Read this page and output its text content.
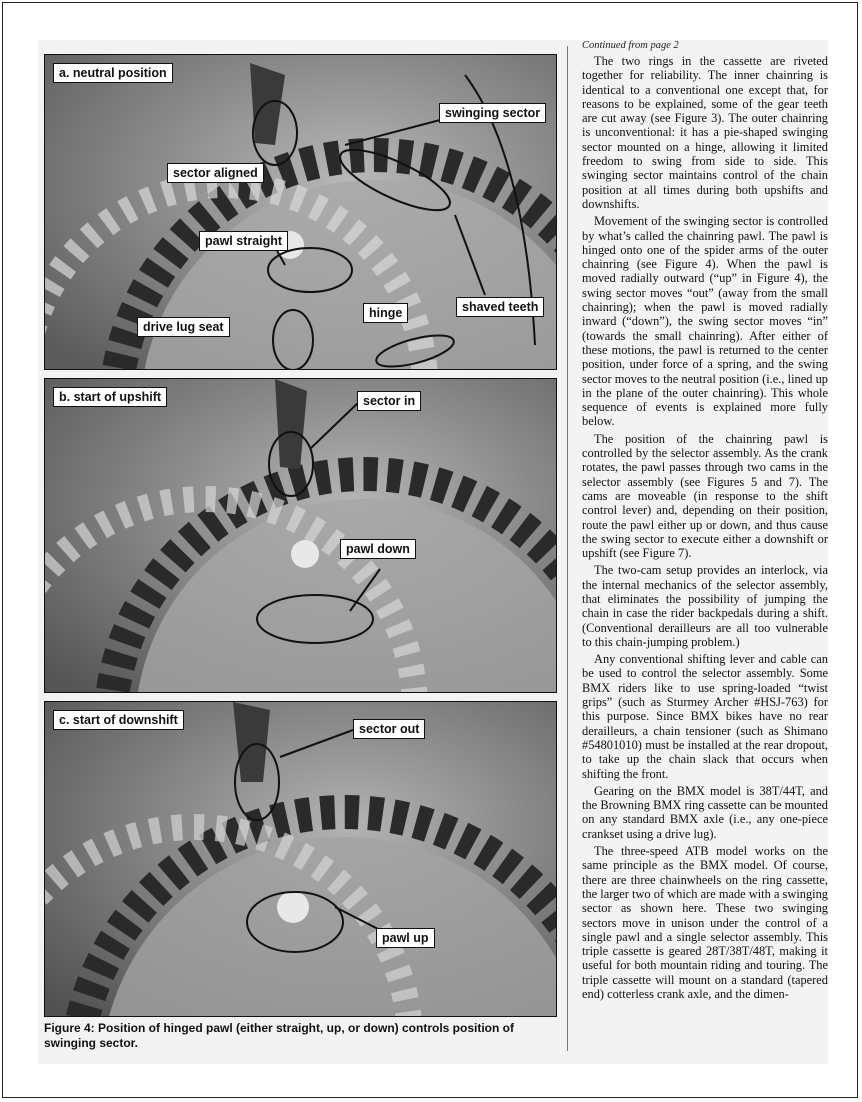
a. neutral position
swinging sector
sector aligned
pawl straight
shaved teeth
hinge
drive lug seat
b. start of upshift	sector in
pawl down
c. start of downshift
sector out
pawl up
Figure 4: Position of hinged pawl (either straight, up, or down) controls position of swinging sector.
Continued from page 2

The two rings in the cassette are riveted together for reliability. The inner chainring is identical to a conventional one except that, for reasons to be explained, some of the gear teeth are cut away (see Figure 3). The outer chainring is unconventional: it has a pie-shaped swinging sector mounted on a hinge, allowing it limited freedom to swing from side to side. This swinging sector maintains control of the chain position at all times during both upshifts and downshifts.

Movement of the swinging sector is controlled by what’s called the chainring pawl. The pawl is hinged onto one of the spider arms of the outer chainring (see Figure 4). When the pawl is moved radially outward (“up” in Figure 4), the swing sector moves “out” (away from the small chainring); when the pawl is moved radially inward (“down”), the swing sector moves “in” (towards the small chainring). After either of these motions, the pawl is returned to the center position, under force of a spring, and the swing sector moves to the neutral position (i.e., lined up in the plane of the outer chainring). This whole sequence of events is explained more fully below.

The position of the chainring pawl is controlled by the selector assembly. As the crank rotates, the pawl passes through two cams in the selector assembly (see Figures 5 and 7). The cams are moveable (in response to the shift control lever) and, depending on their position, route the pawl either up or down, and thus cause the swing sector to execute either a downshift or upshift (see Figure 7).

The two-cam setup provides an interlock, via the internal mechanics of the selector assembly, that eliminates the possibility of jumping the chain in case the rider backpedals during a shift. (Conventional derailleurs are all too vulnerable to this chain-jumping problem.)

Any conventional shifting lever and cable can be used to control the selector assembly. Some BMX riders like to use spring-loaded “twist grips” (such as Sturmey Archer #HSJ-763) for this purpose. Since BMX bikes have no rear derailleurs, a chain tensioner (such as Shimano #54801010) must be installed at the rear dropout, to take up the chain slack that occurs when shifting the front.

Gearing on the BMX model is 38T/44T, and the Browning BMX ring cassette can be mounted on any standard BMX axle (i.e., any one-piece crankset using a drive lug).

The three-speed ATB model works on the same principle as the BMX model. Of course, there are three chainwheels on the ring cassette, the larger two of which are made with a swinging sector as shown here. These two swinging sectors move in unison under the control of a single pawl and a single selector assembly. This triple cassette is geared 28T/38T/48T, making it useful for both mountain riding and touring. The triple cassette will mount on a standard (tapered end) cotterless crank axle, and the dimen-
